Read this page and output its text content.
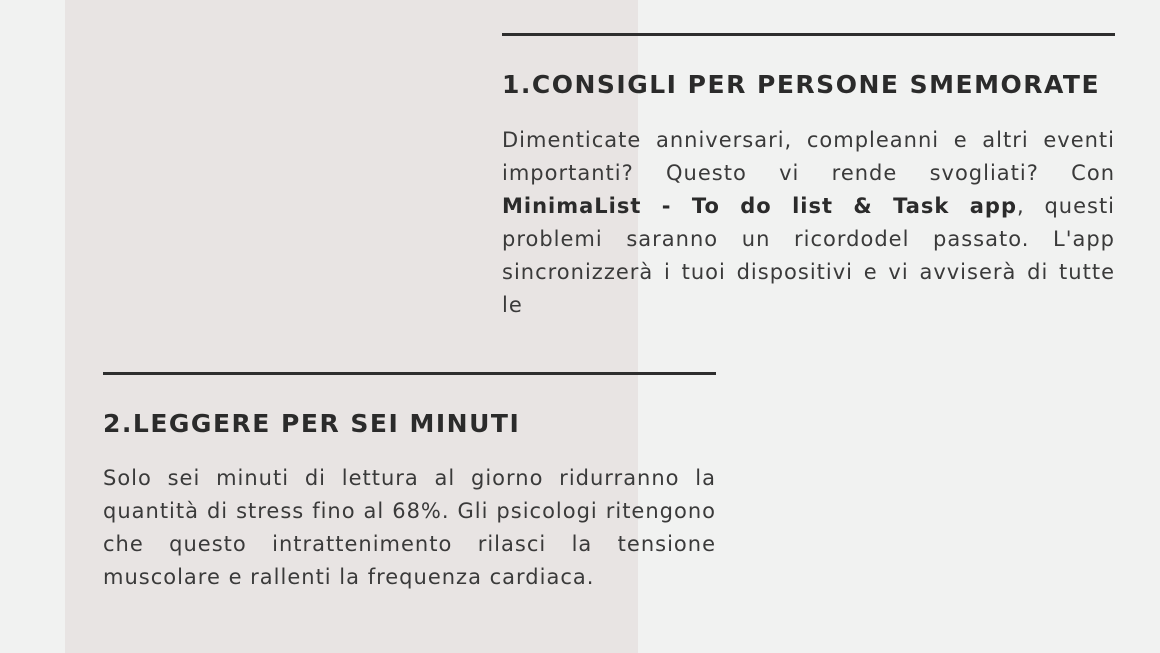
1.CONSIGLI PER PERSONE SMEMORATE

Dimenticate anniversari, compleanni e altri eventi importanti? Questo vi rende svogliati? Con MinimaList - To do list & Task app, questi problemi saranno un ricordodel passato. L'app sincronizzerà i tuoi dispositivi e vi avviserà di tutte le

2.LEGGERE PER SEI MINUTI

Solo sei minuti di lettura al giorno ridurranno la quantità di stress fino al 68%. Gli psicologi ritengono che questo intrattenimento rilasci la tensione muscolare e rallenti la frequenza cardiaca.
